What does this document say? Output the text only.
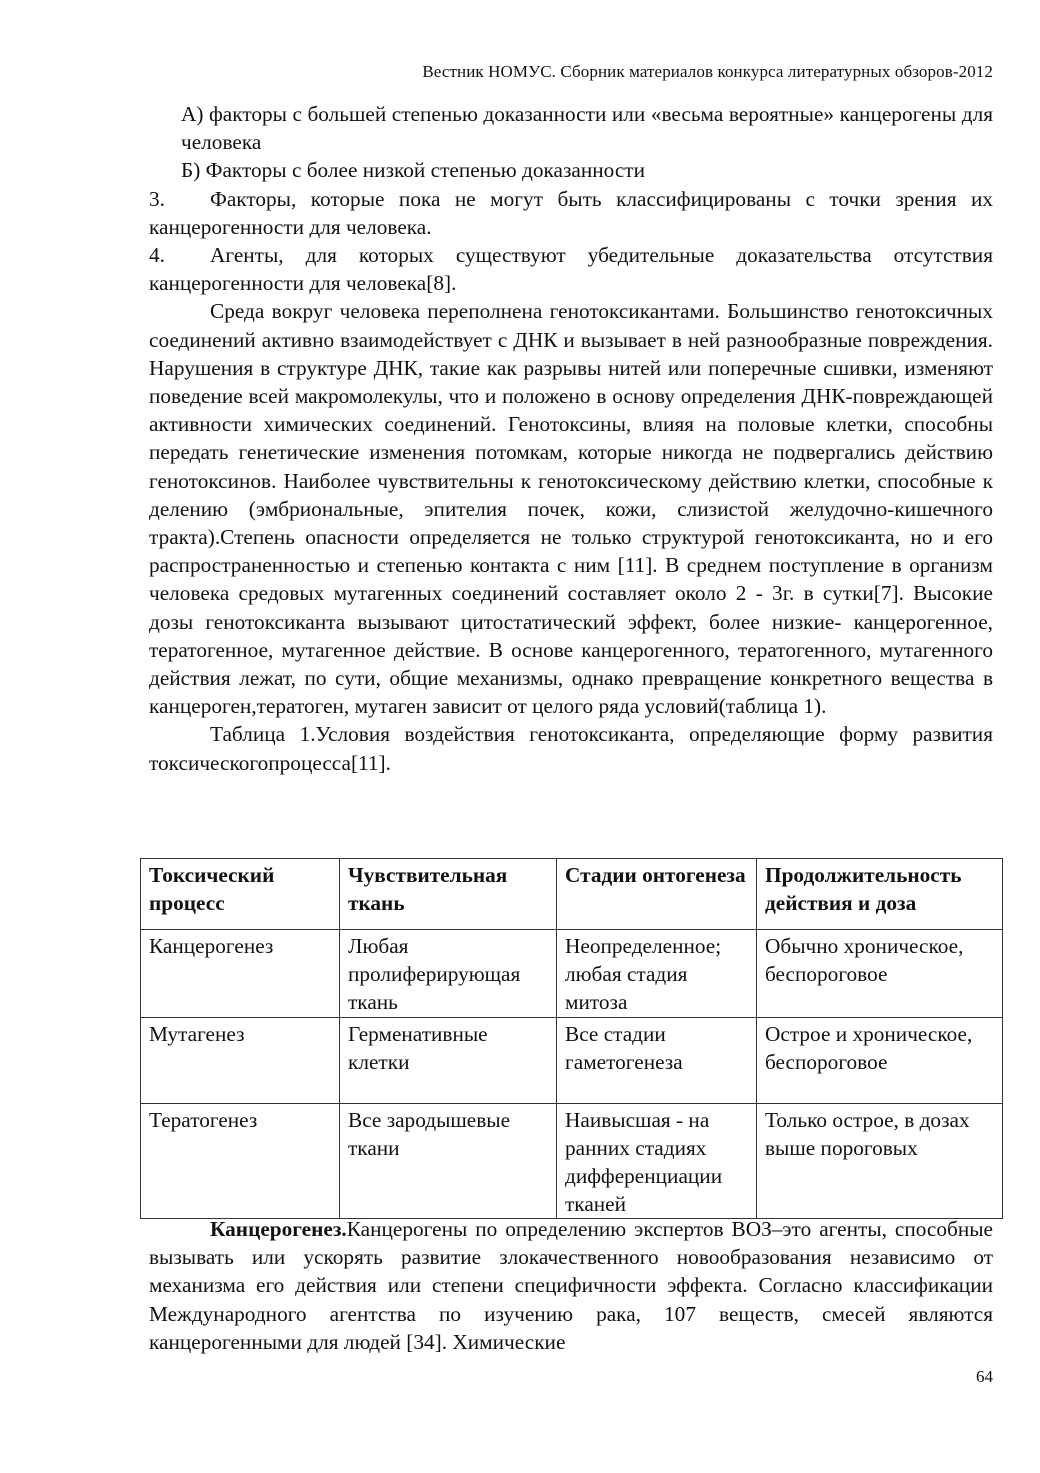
Вестник НОМУС. Сборник материалов конкурса литературных обзоров-2012

А) факторы с большей степенью доказанности или «весьма вероятные» канцерогены для человека

Б) Факторы с более низкой степенью доказанности

3. Факторы, которые пока не могут быть классифицированы с точки зрения их канцерогенности для человека.

4. Агенты, для которых существуют убедительные доказательства отсутствия канцерогенности для человека[8].

Среда вокруг человека переполнена генотоксикантами. Большинство генотоксичных соединений активно взаимодействует с ДНК и вызывает в ней разнообразные повреждения. Нарушения в структуре ДНК, такие как разрывы нитей или поперечные сшивки, изменяют поведение всей макромолекулы, что и положено в основу определения ДНК-повреждающей активности химических соединений. Генотоксины, влияя на половые клетки, способны передать генетические изменения потомкам, которые никогда не подвергались действию генотоксинов. Наиболее чувствительны к генотоксическому действию клетки, способные к делению (эмбриональные, эпителия почек, кожи, слизистой желудочно-кишечного тракта).Степень опасности определяется не только структурой генотоксиканта, но и его распространенностью и степенью контакта с ним [11]. В среднем поступление в организм человека средовых мутагенных соединений составляет около 2 - 3г. в сутки[7]. Высокие дозы генотоксиканта вызывают цитостатический эффект, более низкие- канцерогенное, тератогенное, мутагенное действие. В основе канцерогенного, тератогенного, мутагенного действия лежат, по сути, общие механизмы, однако превращение конкретного вещества в канцероген,тератоген, мутаген зависит от целого ряда условий(таблица 1).

Таблица 1.Условия воздействия генотоксиканта, определяющие форму развития токсическогопроцесса[11].

Токсический процесс	Чувствительная ткань	Стадии онтогенеза	Продолжительность действия и доза
Канцерогенез	Любая пролиферирующая ткань	Неопределенное; любая стадия митоза	Обычно хроническое, беспороговое
Мутагенез	Герменативные клетки	Все стадии гаметогенеза	Острое и хроническое, беспороговое
Тератогенез	Все зародышевые ткани	Наивысшая - на ранних стадиях дифференциации тканей	Только острое, в дозах выше пороговых

Канцерогенез.Канцерогены по определению экспертов ВОЗ–это агенты, способные вызывать или ускорять развитие злокачественного новообразования независимо от механизма его действия или степени специфичности эффекта. Согласно классификации Международного агентства по изучению рака, 107 веществ, смесей являются канцерогенными для людей [34]. Химические

64
